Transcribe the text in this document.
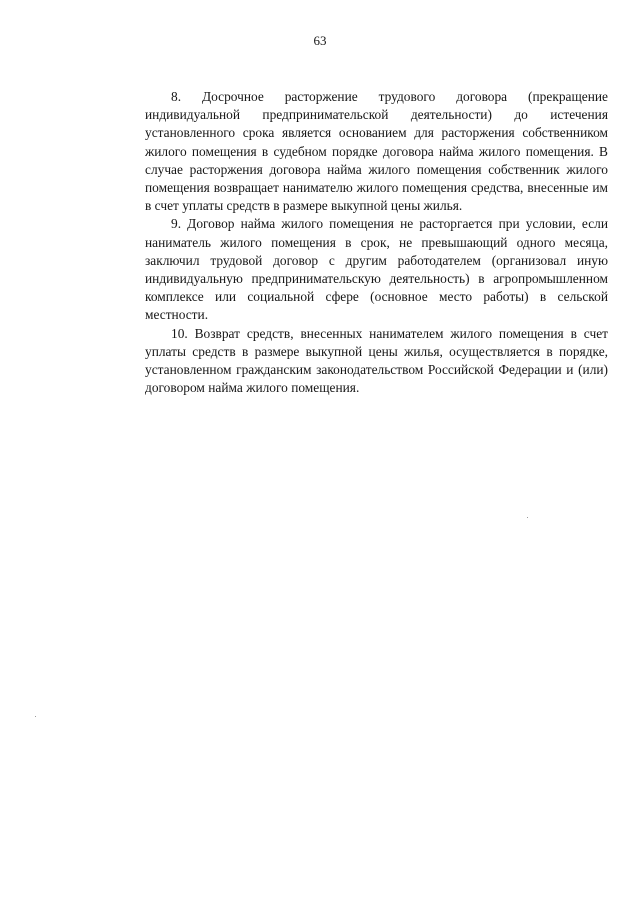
63

8. Досрочное расторжение трудового договора (прекращение
индивидуальной предпринимательской деятельности) до истечения
установленного срока является основанием для расторжения собственником
жилого помещения в судебном порядке договора найма жилого помещения. В
случае расторжения договора найма жилого помещения собственник жилого
помещения возвращает нанимателю жилого помещения средства, внесенные им
в счет уплаты средств в размере выкупной цены жилья.

9. Договор найма жилого помещения не расторгается при условии, если
наниматель жилого помещения в срок, не превышающий одного месяца,
заключил трудовой договор с другим работодателем (организовал иную
индивидуальную предпринимательскую деятельность) в агропромышленном
комплексе или социальной сфере (основное место работы) в сельской
местности.

10. Возврат средств, внесенных нанимателем жилого помещения в счет
уплаты средств в размере выкупной цены жилья, осуществляется в порядке,
установленном гражданским законодательством Российской Федерации и (или)
договором найма жилого помещения.
